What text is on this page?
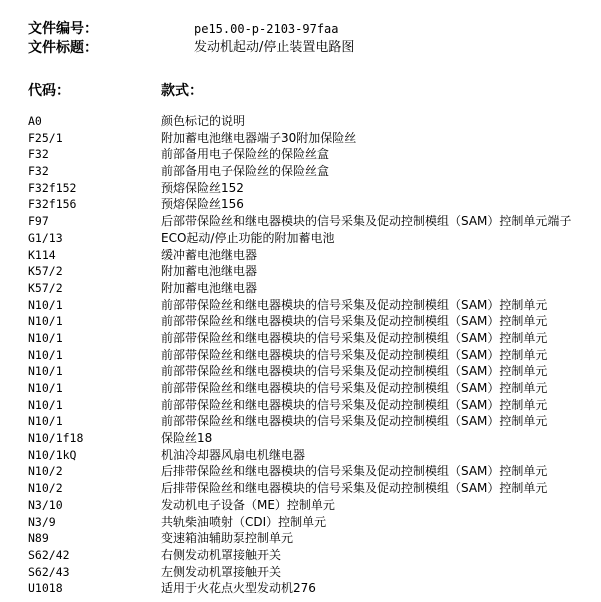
文件编号：	pe15.00-p-2103-97faa
文件标题：	发动机起动/停止装置电路图
代码：	款式：
A0	颜色标记的说明
F25/1	附加蓄电池继电器端子30附加保险丝
F32	前部备用电子保险丝的保险丝盒
F32	前部备用电子保险丝的保险丝盒
F32f152	预熔保险丝152
F32f156	预熔保险丝156
F97	后部带保险丝和继电器模块的信号采集及促动控制模组（SAM）控制单元端子
G1/13	ECO起动/停止功能的附加蓄电池
K114	缓冲蓄电池继电器
K57/2	附加蓄电池继电器
K57/2	附加蓄电池继电器
N10/1	前部带保险丝和继电器模块的信号采集及促动控制模组（SAM）控制单元
N10/1	前部带保险丝和继电器模块的信号采集及促动控制模组（SAM）控制单元
N10/1	前部带保险丝和继电器模块的信号采集及促动控制模组（SAM）控制单元
N10/1	前部带保险丝和继电器模块的信号采集及促动控制模组（SAM）控制单元
N10/1	前部带保险丝和继电器模块的信号采集及促动控制模组（SAM）控制单元
N10/1	前部带保险丝和继电器模块的信号采集及促动控制模组（SAM）控制单元
N10/1	前部带保险丝和继电器模块的信号采集及促动控制模组（SAM）控制单元
N10/1	前部带保险丝和继电器模块的信号采集及促动控制模组（SAM）控制单元
N10/1f18	保险丝18
N10/1kQ	机油冷却器风扇电机继电器
N10/2	后排带保险丝和继电器模块的信号采集及促动控制模组（SAM）控制单元
N10/2	后排带保险丝和继电器模块的信号采集及促动控制模组（SAM）控制单元
N3/10	发动机电子设备（ME）控制单元
N3/9	共轨柴油喷射（CDI）控制单元
N89	变速箱油辅助泵控制单元
S62/42	右侧发动机罩接触开关
S62/43	左侧发动机罩接触开关
U1018	适用于火花点火型发动机276
